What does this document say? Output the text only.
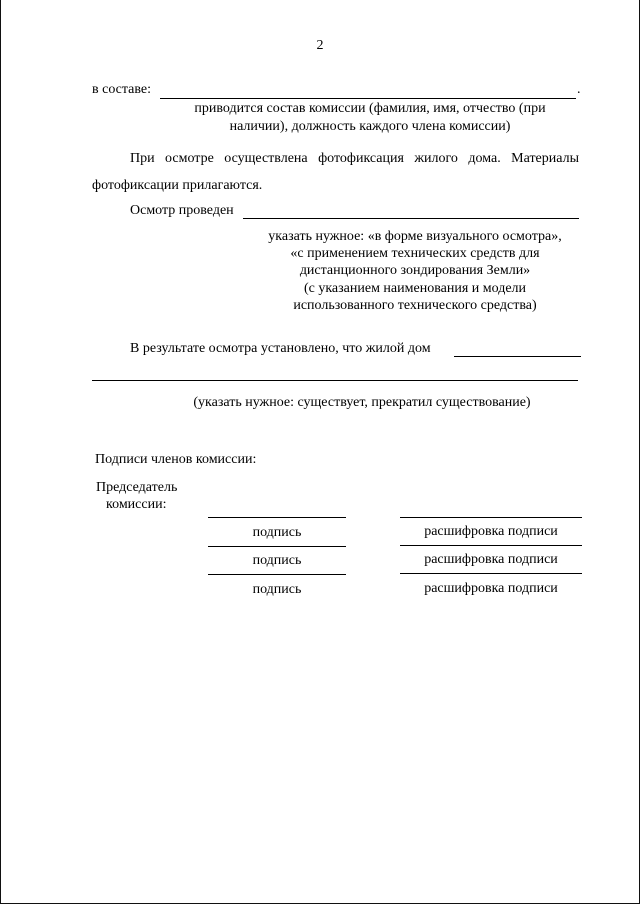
2
в составе:	.
приводится состав комиссии (фамилия, имя, отчество (при
наличии), должность каждого члена комиссии)
При осмотре осуществлена фотофиксация жилого дома. Материалы
фотофиксации прилагаются.
Осмотр проведен
указать нужное: «в форме визуального осмотра»,
«с применением технических средств для
дистанционного зондирования Земли»
(с указанием наименования и модели
использованного технического средства)
В результате осмотра установлено, что жилой дом
(указать нужное: существует, прекратил существование)
Подписи членов комиссии:
Председатель
комиссии:
подпись	расшифровка подписи
подпись	расшифровка подписи
подпись	расшифровка подписи
